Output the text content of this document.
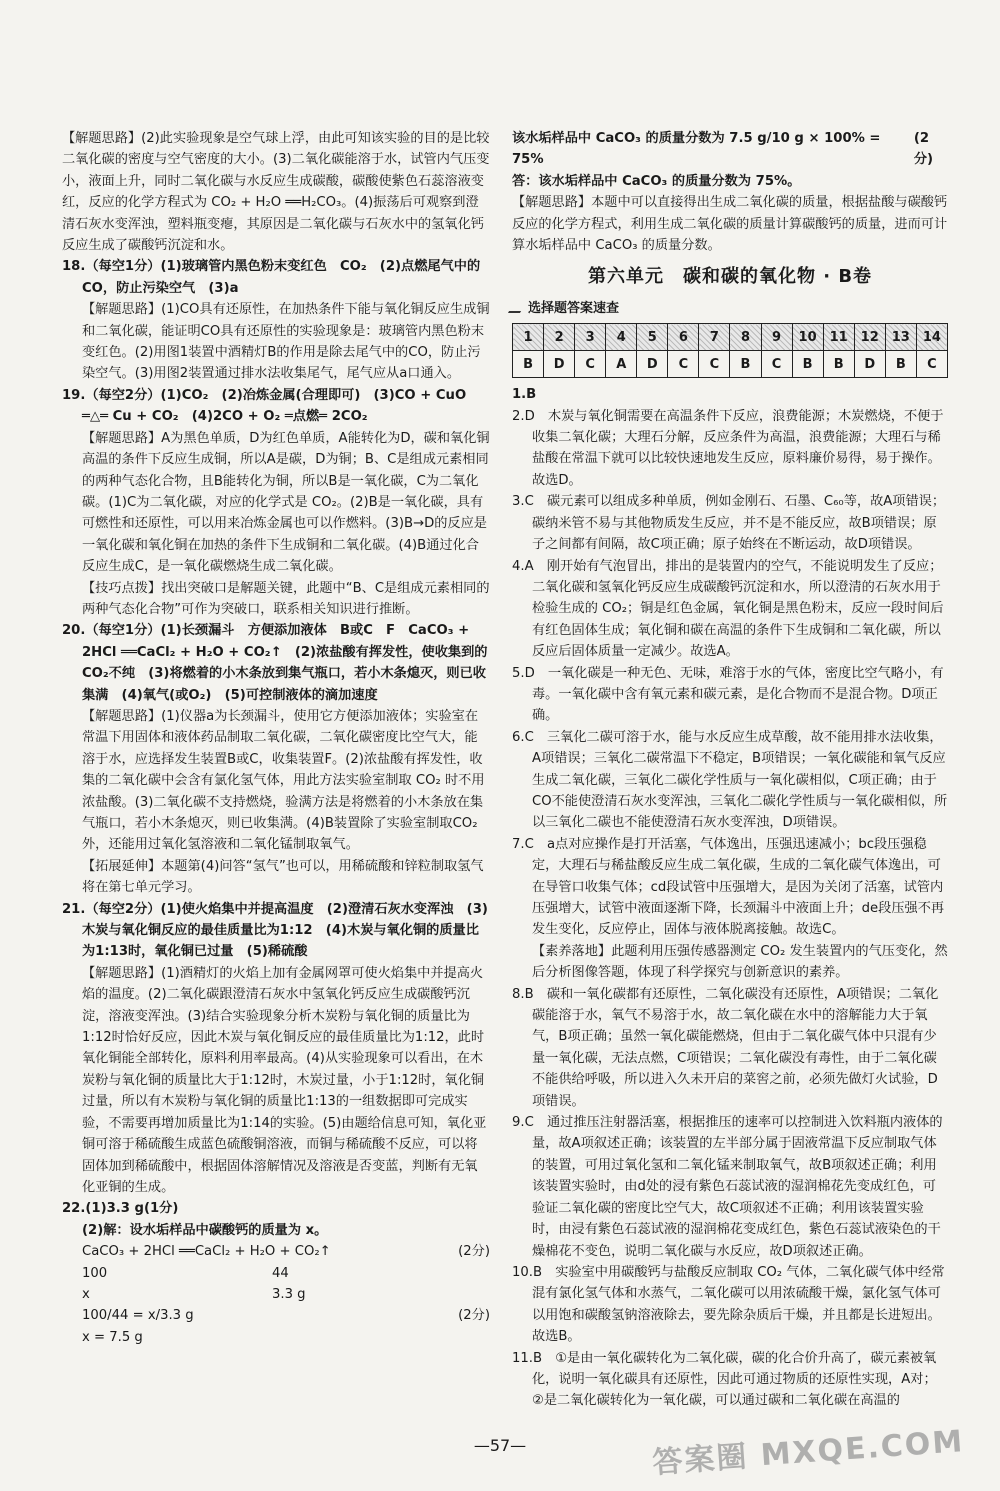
【解题思路】(2)此实验现象是空气球上浮，由此可知该实验的目的是比较二氧化碳的密度与空气密度的大小。(3)二氧化碳能溶于水，试管内气压变小，液面上升，同时二氧化碳与水反应生成碳酸，碳酸使紫色石蕊溶液变红，反应的化学方程式为 CO₂ + H₂O ══H₂CO₃。(4)振荡后可观察到澄清石灰水变浑浊，塑料瓶变瘪，其原因是二氧化碳与石灰水中的氢氧化钙反应生成了碳酸钙沉淀和水。

18.（每空1分）(1)玻璃管内黑色粉末变红色　CO₂　(2)点燃尾气中的CO，防止污染空气　(3)a

【解题思路】(1)CO具有还原性，在加热条件下能与氧化铜反应生成铜和二氧化碳，能证明CO具有还原性的实验现象是：玻璃管内黑色粉末变红色。(2)用图1装置中酒精灯B的作用是除去尾气中的CO，防止污染空气。(3)用图2装置通过排水法收集尾气，尾气应从a口通入。

19.（每空2分）(1)CO₂　(2)冶炼金属(合理即可)　(3)CO + CuO ═△═ Cu + CO₂　(4)2CO + O₂ ═点燃═ 2CO₂

【解题思路】A为黑色单质，D为红色单质，A能转化为D，碳和氧化铜高温的条件下反应生成铜，所以A是碳，D为铜；B、C是组成元素相同的两种气态化合物，且B能转化为铜，所以B是一氧化碳，C为二氧化碳。(1)C为二氧化碳，对应的化学式是 CO₂。(2)B是一氧化碳，具有可燃性和还原性，可以用来冶炼金属也可以作燃料。(3)B→D的反应是一氧化碳和氧化铜在加热的条件下生成铜和二氧化碳。(4)B通过化合反应生成C，是一氧化碳燃烧生成二氧化碳。

【技巧点拨】找出突破口是解题关键，此题中“B、C是组成元素相同的两种气态化合物”可作为突破口，联系相关知识进行推断。

20.（每空1分）(1)长颈漏斗　方便添加液体　B或C　F　CaCO₃ + 2HCl ══CaCl₂ + H₂O + CO₂↑　(2)浓盐酸有挥发性，使收集到的CO₂不纯　(3)将燃着的小木条放到集气瓶口，若小木条熄灭，则已收集满　(4)氧气(或O₂)　(5)可控制液体的滴加速度

【解题思路】(1)仪器a为长颈漏斗，使用它方便添加液体；实验室在常温下用固体和液体药品制取二氧化碳，二氧化碳密度比空气大，能溶于水，应选择发生装置B或C，收集装置F。(2)浓盐酸有挥发性，收集的二氧化碳中会含有氯化氢气体，用此方法实验室制取 CO₂ 时不用浓盐酸。(3)二氧化碳不支持燃烧，验满方法是将燃着的小木条放在集气瓶口，若小木条熄灭，则已收集满。(4)B装置除了实验室制取CO₂外，还能用过氧化氢溶液和二氧化锰制取氧气。

【拓展延伸】本题第(4)问答“氢气”也可以，用稀硫酸和锌粒制取氢气将在第七单元学习。

21.（每空2分）(1)使火焰集中并提高温度　(2)澄清石灰水变浑浊　(3)木炭与氧化铜反应的最佳质量比为1:12　(4)木炭与氧化铜的质量比为1:13时，氧化铜已过量　(5)稀硫酸

【解题思路】(1)酒精灯的火焰上加有金属网罩可使火焰集中并提高火焰的温度。(2)二氧化碳跟澄清石灰水中氢氧化钙反应生成碳酸钙沉淀，溶液变浑浊。(3)结合实验现象分析木炭粉与氧化铜的质量比为1:12时恰好反应，因此木炭与氧化铜反应的最佳质量比为1:12，此时氧化铜能全部转化，原料利用率最高。(4)从实验现象可以看出，在木炭粉与氧化铜的质量比大于1:12时，木炭过量，小于1:12时，氧化铜过量，所以有木炭粉与氧化铜的质量比1:13的一组数据即可完成实验，不需要再增加质量比为1:14的实验。(5)由题给信息可知，氧化亚铜可溶于稀硫酸生成蓝色硫酸铜溶液，而铜与稀硫酸不反应，可以将固体加到稀硫酸中，根据固体溶解情况及溶液是否变蓝，判断有无氧化亚铜的生成。

22.(1)3.3 g(1分)

(2)解：设水垢样品中碳酸钙的质量为 x。

CaCO₃ + 2HCl ══CaCl₂ + H₂O + CO₂↑	(2分)
100	44
x	3.3 g
100/44 = x/3.3 g	(2分)
x = 7.5 g
该水垢样品中 CaCO₃ 的质量分数为 7.5 g/10 g × 100% = 75%
(2分)

答：该水垢样品中 CaCO₃ 的质量分数为 75%。

【解题思路】本题中可以直接得出生成二氧化碳的质量，根据盐酸与碳酸钙反应的化学方程式，利用生成二氧化碳的质量计算碳酸钙的质量，进而可计算水垢样品中 CaCO₃ 的质量分数。

第六单元　碳和碳的氧化物 · B卷
选择题答案速查
1	2	3	4	5	6	7	8	9	10	11	12	13	14
B	D	C	A	D	C	C	B	C	B	B	D	B	C

1.B

2.D　木炭与氧化铜需要在高温条件下反应，浪费能源；木炭燃烧，不便于收集二氧化碳；大理石分解，反应条件为高温，浪费能源；大理石与稀盐酸在常温下就可以比较快速地发生反应，原料廉价易得，易于操作。故选D。

3.C　碳元素可以组成多种单质，例如金刚石、石墨、C₆₀等，故A项错误；碳纳米管不易与其他物质发生反应，并不是不能反应，故B项错误；原子之间都有间隔，故C项正确；原子始终在不断运动，故D项错误。

4.A　刚开始有气泡冒出，排出的是装置内的空气，不能说明发生了反应；二氧化碳和氢氧化钙反应生成碳酸钙沉淀和水，所以澄清的石灰水用于检验生成的 CO₂；铜是红色金属，氧化铜是黑色粉末，反应一段时间后有红色固体生成；氧化铜和碳在高温的条件下生成铜和二氧化碳，所以反应后固体质量一定减少。故选A。

5.D　一氧化碳是一种无色、无味，难溶于水的气体，密度比空气略小，有毒。一氧化碳中含有氧元素和碳元素，是化合物而不是混合物。D项正确。

6.C　三氧化二碳可溶于水，能与水反应生成草酸，故不能用排水法收集，A项错误；三氧化二碳常温下不稳定，B项错误；一氧化碳能和氧气反应生成二氧化碳，三氧化二碳化学性质与一氧化碳相似，C项正确；由于CO不能使澄清石灰水变浑浊，三氧化二碳化学性质与一氧化碳相似，所以三氧化二碳也不能使澄清石灰水变浑浊，D项错误。

7.C　a点对应操作是打开活塞，气体逸出，压强迅速减小；bc段压强稳定，大理石与稀盐酸反应生成二氧化碳，生成的二氧化碳气体逸出，可在导管口收集气体；cd段试管中压强增大，是因为关闭了活塞，试管内压强增大，试管中液面逐渐下降，长颈漏斗中液面上升；de段压强不再发生变化，反应停止，固体与液体脱离接触。故选C。

【素养落地】此题利用压强传感器测定 CO₂ 发生装置内的气压变化，然后分析图像答题，体现了科学探究与创新意识的素养。

8.B　碳和一氧化碳都有还原性，二氧化碳没有还原性，A项错误；二氧化碳能溶于水，氧气不易溶于水，故二氧化碳在水中的溶解能力大于氧气，B项正确；虽然一氧化碳能燃烧，但由于二氧化碳气体中只混有少量一氧化碳，无法点燃，C项错误；二氧化碳没有毒性，由于二氧化碳不能供给呼吸，所以进入久未开启的菜窖之前，必须先做灯火试验，D项错误。

9.C　通过推压注射器活塞，根据推压的速率可以控制进入饮料瓶内液体的量，故A项叙述正确；该装置的左半部分属于固液常温下反应制取气体的装置，可用过氧化氢和二氧化锰来制取氧气，故B项叙述正确；利用该装置实验时，由d处的浸有紫色石蕊试液的湿润棉花先变成红色，可验证二氧化碳的密度比空气大，故C项叙述不正确；利用该装置实验时，由浸有紫色石蕊试液的湿润棉花变成红色，紫色石蕊试液染色的干燥棉花不变色，说明二氧化碳与水反应，故D项叙述正确。

10.B　实验室中用碳酸钙与盐酸反应制取 CO₂ 气体，二氧化碳气体中经常混有氯化氢气体和水蒸气，二氧化碳可以用浓硫酸干燥，氯化氢气体可以用饱和碳酸氢钠溶液除去，要先除杂质后干燥，并且都是长进短出。故选B。

11.B　①是由一氧化碳转化为二氧化碳，碳的化合价升高了，碳元素被氧化，说明一氧化碳具有还原性，因此可通过物质的还原性实现，A对；②是二氧化碳转化为一氧化碳，可以通过碳和二氧化碳在高温的

—57—	答案圈 MXQE.COM
